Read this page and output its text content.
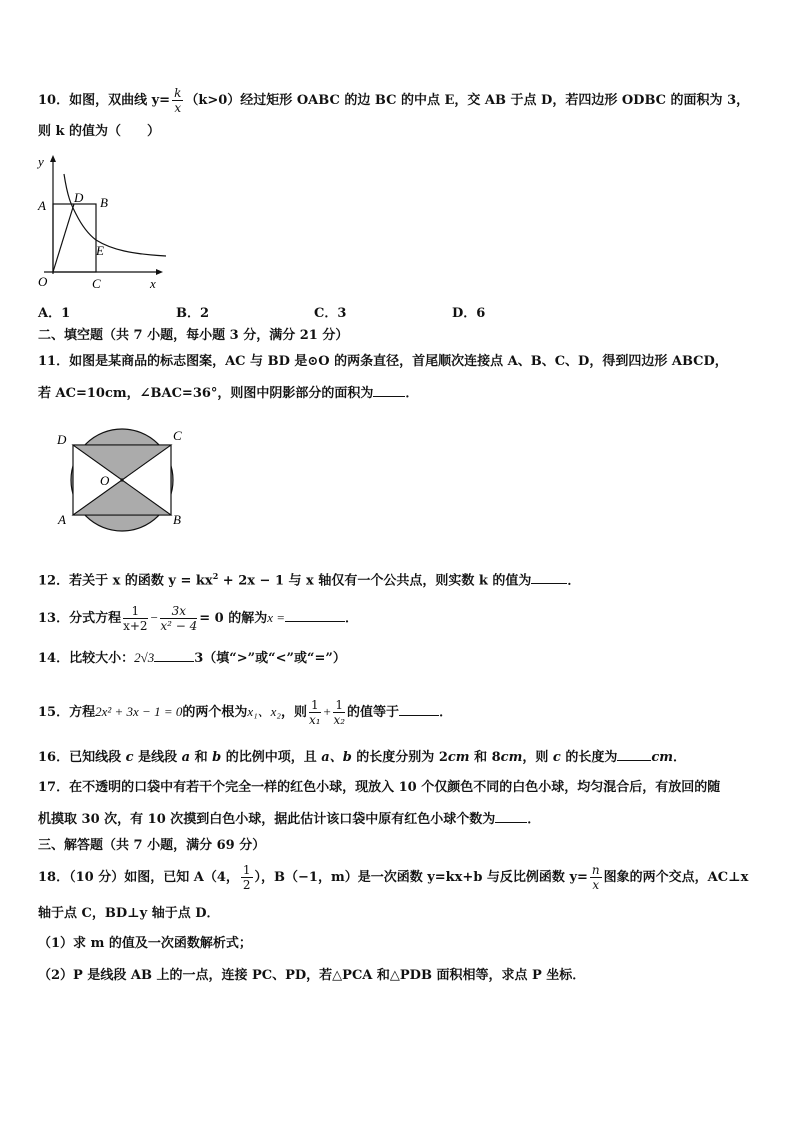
10．如图，双曲线 $y= \frac{k}{x} (k>0)$经过矩形 OABC 的边 BC 的中点 E，交 AB 于点 D，若四边形 ODBC 的面积为 3，
则 k 的值为（　　）
y
A
D B
E
O	C	x
A．1	B．2	C．3	D．6
二、填空题（共 7 小题，每小题 3 分，满分 21 分）
11．如图是某商品的标志图案，AC 与 BD 是⊙O 的两条直径，首尾顺次连接点 A、B、C、D，得到四边形 ABCD，
若 AC=10cm，∠BAC=36°，则图中阴影部分的面积为 ．
D	C
O
A	B
12．若关于 x 的函数 $y = kx^2 + 2x - 1$ 与 x 轴仅有一个公共点，则实数 k 的值为	．
13．分式方程 $\frac{1}{x+2} - \frac{3x}{\text{x² − 4}} = 0$ 的解为x =	．
14．比较大小：2√3	3（填“>”或“<”或“=”）
15．方程2x² + 3x − 1 = 0的两个根为x₁、x₂，则 $\frac{1}{\text{x₁}} + \frac{1}{\text{x₂}}$ 的值等于	．
16．已知线段 c 是线段 a 和 b 的比例中项，且 a、b 的长度分别为 2cm 和 8cm，则 c 的长度为	cm．
17．在不透明的口袋中有若干个完全一样的红色小球，现放入 10 个仅颜色不同的白色小球，均匀混合后，有放回的随
机摸取 30 次，有 10 次摸到白色小球，据此估计该口袋中原有红色小球个数为 ．
三、解答题（共 7 小题，满分 69 分）
18．（10 分）如图，已知 A（4， $\frac{1}{2}$ ），B（−1，m）是一次函数 y=kx+b 与反比例函数 $y= \frac{n}{x}$ 图象的两个交点，AC⊥x
轴于点 C，BD⊥y 轴于点 D．
（1）求 m 的值及一次函数解析式；
（2）P 是线段 AB 上的一点，连接 PC、PD，若△PCA 和△PDB 面积相等，求点 P 坐标．
